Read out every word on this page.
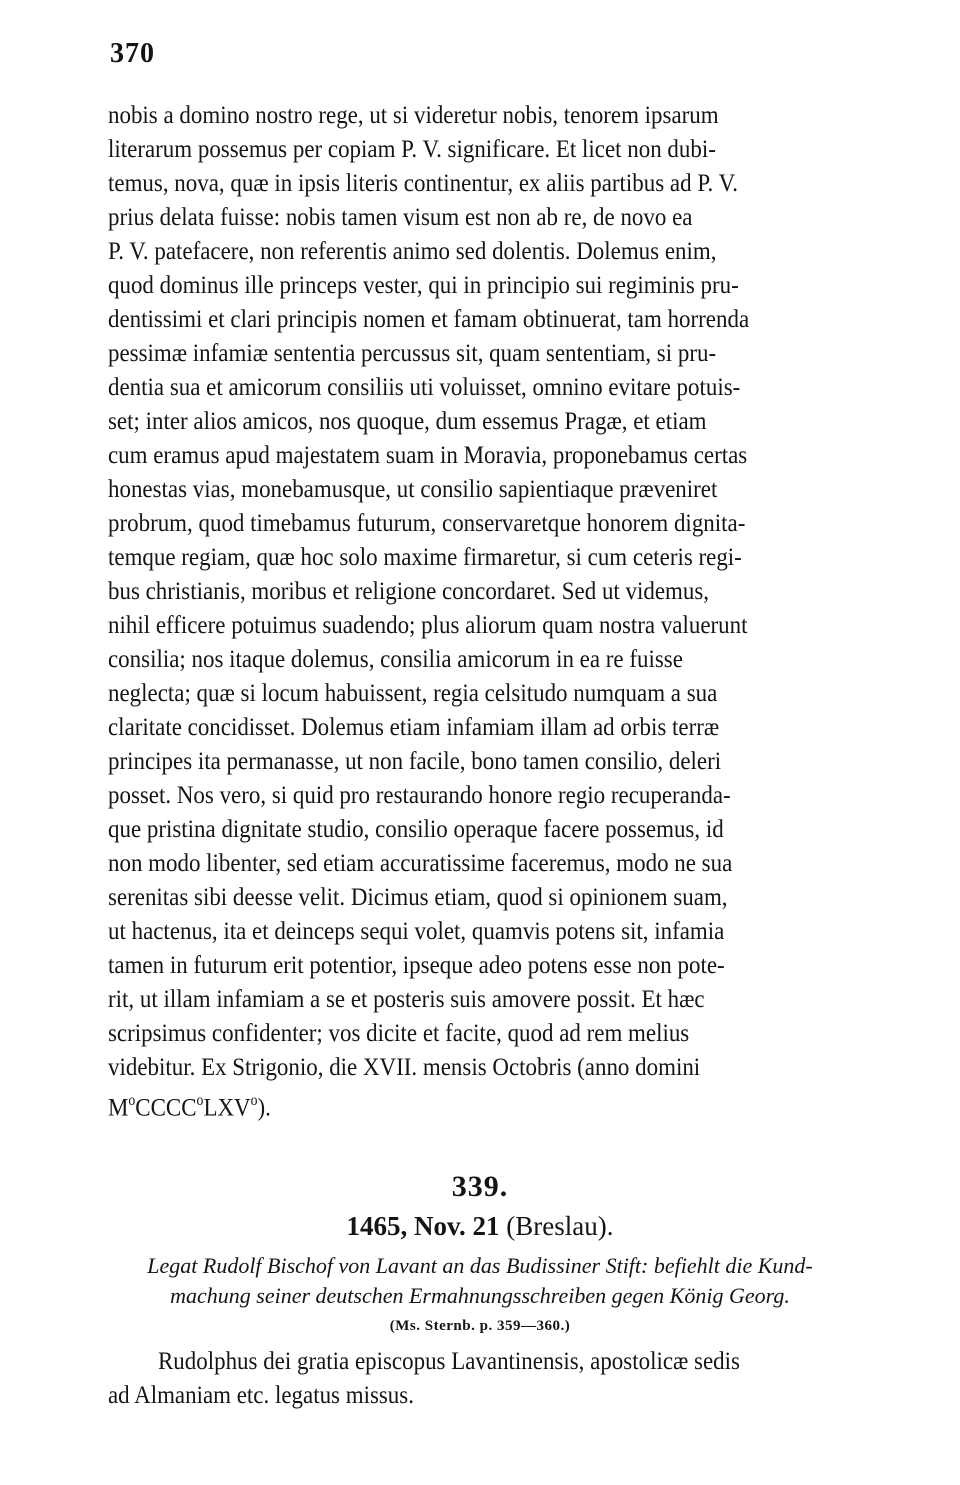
370
nobis a domino nostro rege, ut si videretur nobis, tenorem ipsarum
literarum possemus per copiam P. V. significare. Et licet non dubi-
temus, nova, quæ in ipsis literis continentur, ex aliis partibus ad P. V.
prius delata fuisse: nobis tamen visum est non ab re, de novo ea
P. V. patefacere, non referentis animo sed dolentis. Dolemus enim,
quod dominus ille princeps vester, qui in principio sui regiminis pru-
dentissimi et clari principis nomen et famam obtinuerat, tam horrenda
pessimæ infamiæ sententia percussus sit, quam sententiam, si pru-
dentia sua et amicorum consiliis uti voluisset, omnino evitare potuis-
set; inter alios amicos, nos quoque, dum essemus Pragæ, et etiam
cum eramus apud majestatem suam in Moravia, proponebamus certas
honestas vias, monebamusque, ut consilio sapientiaque præveniret
probrum, quod timebamus futurum, conservaretque honorem dignita-
temque regiam, quæ hoc solo maxime firmaretur, si cum ceteris regi-
bus christianis, moribus et religione concordaret. Sed ut videmus,
nihil efficere potuimus suadendo; plus aliorum quam nostra valuerunt
consilia; nos itaque dolemus, consilia amicorum in ea re fuisse
neglecta; quæ si locum habuissent, regia celsitudo numquam a sua
claritate concidisset. Dolemus etiam infamiam illam ad orbis terræ
principes ita permanasse, ut non facile, bono tamen consilio, deleri
posset. Nos vero, si quid pro restaurando honore regio recuperanda-
que pristina dignitate studio, consilio operaque facere possemus, id
non modo libenter, sed etiam accuratissime faceremus, modo ne sua
serenitas sibi deesse velit. Dicimus etiam, quod si opinionem suam,
ut hactenus, ita et deinceps sequi volet, quamvis potens sit, infamia
tamen in futurum erit potentior, ipseque adeo potens esse non pote-
rit, ut illam infamiam a se et posteris suis amovere possit. Et hæc
scripsimus confidenter; vos dicite et facite, quod ad rem melius
videbitur. Ex Strigonio, die XVII. mensis Octobris (anno domini
$M^oCCCC^oLXV^o$).
339.
1465, Nov. 21 (Breslau).
Legat Rudolf Bischof von Lavant an das Budissiner Stift: befiehlt die Kund-
machung seiner deutschen Ermahnungsschreiben gegen König Georg.
(Ms. Sternb. p. 359—360.)
Rudolphus dei gratia episcopus Lavantinensis, apostolicæ sedis
ad Almaniam etc. legatus missus.
